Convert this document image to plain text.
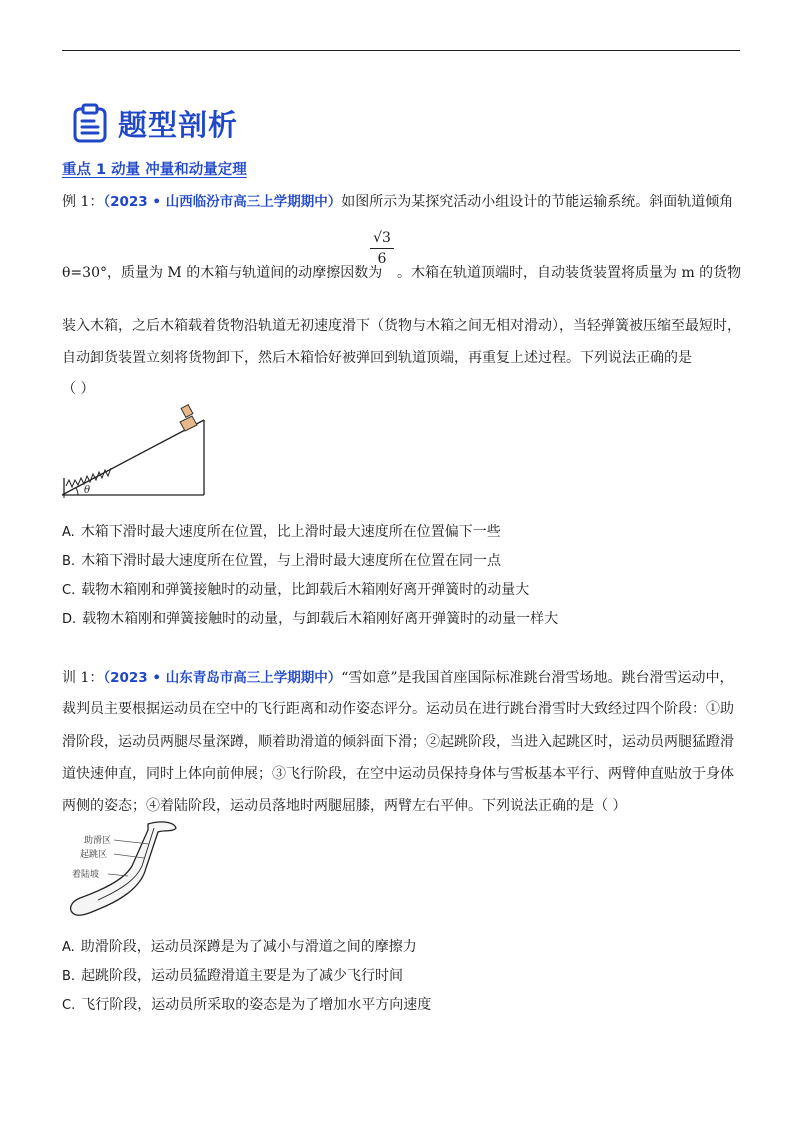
题型剖析
重点 1 动量 冲量和动量定理
例 1：（2023 • 山西临汾市高三上学期期中）如图所示为某探究活动小组设计的节能运输系统。斜面轨道倾角
θ=30°，质量为 M 的木箱与轨道间的动摩擦因数为
$\frac{√3}{6}$
。木箱在轨道顶端时，自动装货装置将质量为 m 的货物
装入木箱，之后木箱载着货物沿轨道无初速度滑下（货物与木箱之间无相对滑动），当轻弹簧被压缩至最短时，
自动卸货装置立刻将货物卸下，然后木箱恰好被弹回到轨道顶端，再重复上述过程。下列说法正确的是
（ ）
θ
A. 木箱下滑时最大速度所在位置，比上滑时最大速度所在位置偏下一些
B. 木箱下滑时最大速度所在位置，与上滑时最大速度所在位置在同一点
C. 载物木箱刚和弹簧接触时的动量，比卸载后木箱刚好离开弹簧时的动量大
D. 载物木箱刚和弹簧接触时的动量，与卸载后木箱刚好离开弹簧时的动量一样大
训 1：（2023 • 山东青岛市高三上学期期中）“雪如意”是我国首座国际标准跳台滑雪场地。跳台滑雪运动中，
裁判员主要根据运动员在空中的飞行距离和动作姿态评分。运动员在进行跳台滑雪时大致经过四个阶段：①助
滑阶段，运动员两腿尽量深蹲，顺着助滑道的倾斜面下滑；②起跳阶段，当进入起跳区时，运动员两腿猛蹬滑
道快速伸直，同时上体向前伸展；③飞行阶段，在空中运动员保持身体与雪板基本平行、两臂伸直贴放于身体
两侧的姿态；④着陆阶段，运动员落地时两腿屈膝，两臂左右平伸。下列说法正确的是（ ）
助滑区
起跳区
着陆坡
A. 助滑阶段，运动员深蹲是为了减小与滑道之间的摩擦力
B. 起跳阶段，运动员猛蹬滑道主要是为了减少飞行时间
C. 飞行阶段，运动员所采取的姿态是为了增加水平方向速度
